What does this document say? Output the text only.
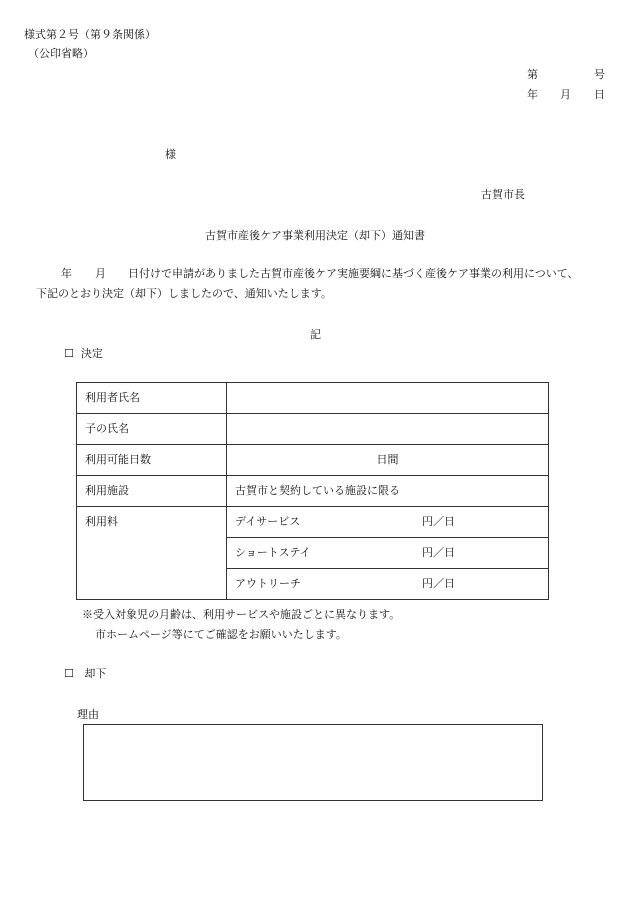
様式第２号（第９条関係）
（公印省略）
第	号
年 月 日
様
古賀市長
古賀市産後ケア事業利用決定（却下）通知書
年 月 日付けで申請がありました古賀市産後ケア実施要綱に基づく産後ケア事業の利用について、
下記のとおり決定（却下）しましたので、通知いたします。
記
☐ 決定
利用者氏名	
子の氏名	
利用可能日数	日間
利用施設	古賀市と契約している施設に限る
利用料	デイサービス 円／日

	ショートステイ 円／日

	アウトリーチ 円／日
※受入対象児の月齢は、利用サービスや施設ごとに異なります。
市ホームページ等にてご確認をお願いいたします。
☐ 却下
理由
